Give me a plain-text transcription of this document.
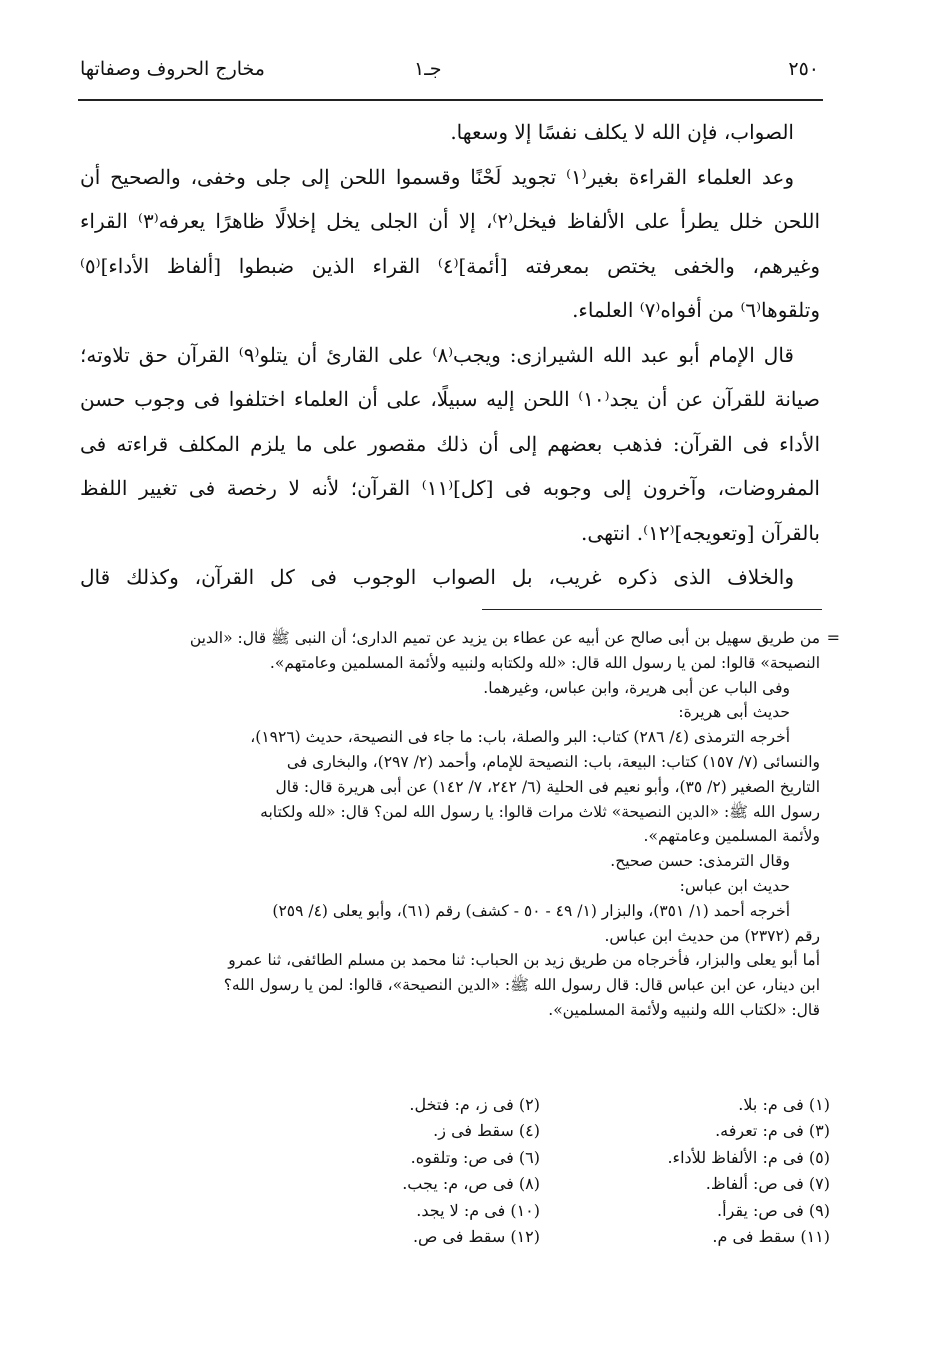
٢٥٠
جـ١
مخارج الحروف وصفاتها

الصواب، فإن الله لا يكلف نفسًا إلا وسعها.

وعد العلماء القراءة بغير⁽١⁾ تجويد لَحْنًا وقسموا اللحن إلى جلى وخفى، والصحيح أن

اللحن خلل يطرأ على الألفاظ فيخل⁽٢⁾، إلا أن الجلى يخل إخلالًا ظاهرًا يعرفه⁽٣⁾ القراء

وغيرهم، والخفى يختص بمعرفته [أئمة]⁽٤⁾ القراء الذين ضبطوا [ألفاظ الأداء]⁽٥⁾

وتلقوها⁽٦⁾ من أفواه⁽٧⁾ العلماء.

قال الإمام أبو عبد الله الشيرازى: ويجب⁽٨⁾ على القارئ أن يتلو⁽٩⁾ القرآن حق تلاوته؛

صيانة للقرآن عن أن يجد⁽١٠⁾ اللحن إليه سبيلًا، على أن العلماء اختلفوا فى وجوب حسن

الأداء فى القرآن: فذهب بعضهم إلى أن ذلك مقصور على ما يلزم المكلف قراءته فى

المفروضات، وآخرون إلى وجوبه فى [كل]⁽١١⁾ القرآن؛ لأنه لا رخصة فى تغيير اللفظ

بالقرآن [وتعويجه]⁽١٢⁾. انتهى.

والخلاف الذى ذكره غريب، بل الصواب الوجوب فى كل القرآن، وكذلك قال

=

من طريق سهيل بن أبى صالح عن أبيه عن عطاء بن يزيد عن تميم الدارى؛ أن النبى ﷺ قال: «الدين

النصيحة» قالوا: لمن يا رسول الله قال: «لله ولكتابه ولنبيه ولأئمة المسلمين وعامتهم».

وفى الباب عن أبى هريرة، وابن عباس، وغيرهما.

حديث أبى هريرة:

أخرجه الترمذى (٤/ ٢٨٦) كتاب: البر والصلة، باب: ما جاء فى النصيحة، حديث (١٩٢٦)،

والنسائى (٧/ ١٥٧) كتاب: البيعة، باب: النصيحة للإمام، وأحمد (٢/ ٢٩٧)، والبخارى فى

التاريخ الصغير (٢/ ٣٥)، وأبو نعيم فى الحلية (٦/ ٢٤٢، ٧/ ١٤٢) عن أبى هريرة قال: قال

رسول الله ﷺ: «الدين النصيحة» ثلاث مرات قالوا: يا رسول الله لمن؟ قال: «لله ولكتابه

ولأئمة المسلمين وعامتهم».

وقال الترمذى: حسن صحيح.

حديث ابن عباس:

أخرجه أحمد (١/ ٣٥١)، والبزار (١/ ٤٩ - ٥٠ - كشف) رقم (٦١)، وأبو يعلى (٤/ ٢٥٩)

رقم (٢٣٧٢) من حديث ابن عباس.

أما أبو يعلى والبزار، فأخرجاه من طريق زيد بن الحباب: ثنا محمد بن مسلم الطائفى، ثنا عمرو

ابن دينار، عن ابن عباس قال: قال رسول الله ﷺ: «الدين النصيحة»، قالوا: لمن يا رسول الله؟

قال: «لكتاب الله ولنبيه ولأئمة المسلمين».

(١) فى م: بلا.
(٣) فى م: تعرفه.
(٥) فى م: الألفاظ للأداء.
(٧) فى ص: ألفاظ.
(٩) فى ص: يقرأ.
(١١) سقط فى م.
(٢) فى ز، م: فتخل.
(٤) سقط فى ز.
(٦) فى ص: وتلقوه.
(٨) فى ص، م: يجب.
(١٠) فى م: لا يجد.
(١٢) سقط فى ص.
